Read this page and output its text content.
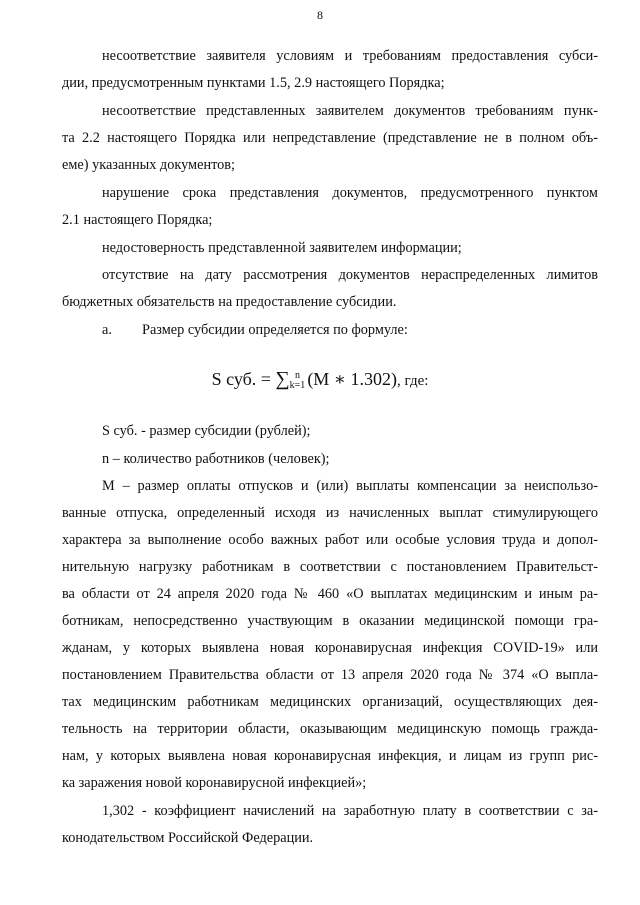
8
несоответствие заявителя условиям и требованиям предоставления субси-
дии, предусмотренным пунктами 1.5, 2.9 настоящего Порядка;
несоответствие представленных заявителем документов требованиям пунк-
та 2.2 настоящего Порядка или непредставление (представление не в полном объ-
еме) указанных документов;
нарушение срока представления документов, предусмотренного пунктом
2.1 настоящего Порядка;
недостоверность представленной заявителем информации;
отсутствие на дату рассмотрения документов нераспределенных лимитов
бюджетных обязательств на предоставление субсидии.
a. Размер субсидии определяется по формуле:
S суб. = ∑ n
k=1 (M ∗ 1.302), где:
S суб. - размер субсидии (рублей);
n – количество работников (человек);
M – размер оплаты отпусков и (или) выплаты компенсации за неиспользо-
ванные отпуска, определенный исходя из начисленных выплат стимулирующего
характера за выполнение особо важных работ или особые условия труда и допол-
нительную нагрузку работникам в соответствии с постановлением Правительст-
ва области от 24 апреля 2020 года № 460 «О выплатах медицинским и иным ра-
ботникам, непосредственно участвующим в оказании медицинской помощи гра-
жданам, у которых выявлена новая коронавирусная инфекция COVID-19» или
постановлением Правительства области от 13 апреля 2020 года № 374 «О выпла-
тах медицинским работникам медицинских организаций, осуществляющих дея-
тельность на территории области, оказывающим медицинскую помощь гражда-
нам, у которых выявлена новая коронавирусная инфекция, и лицам из групп рис-
ка заражения новой коронавирусной инфекцией»;
1,302 - коэффициент начислений на заработную плату в соответствии с за-
конодательством Российской Федерации.
